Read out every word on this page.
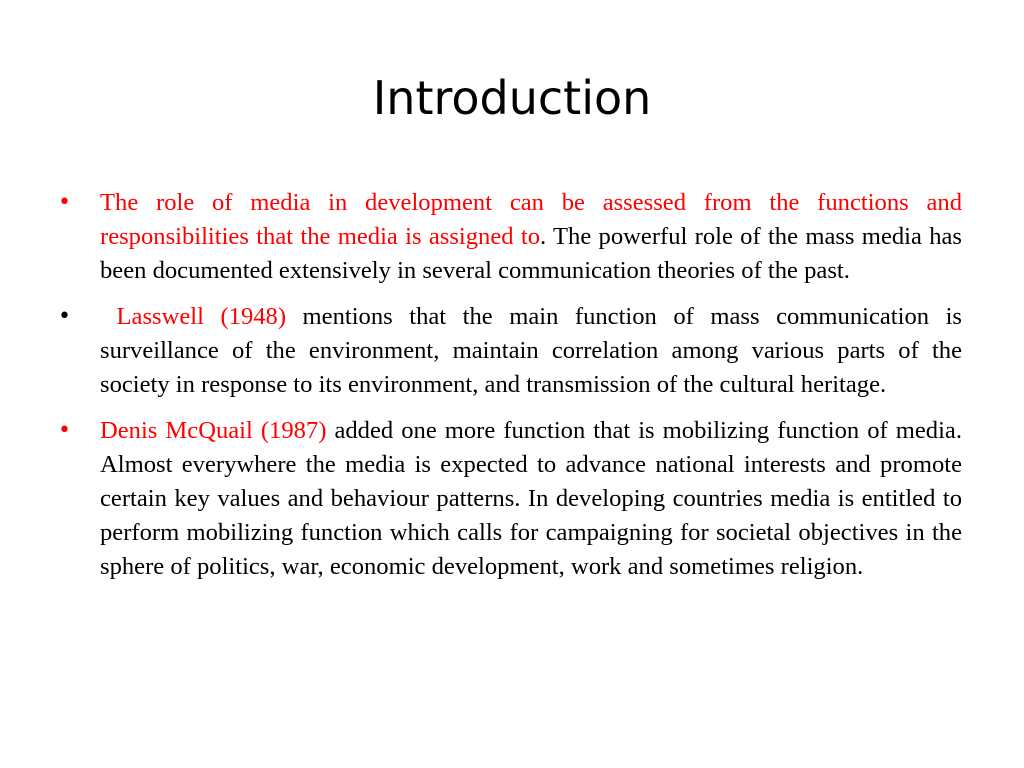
Introduction
• The role of media in development can be assessed from the functions and responsibilities that the media is assigned to. The powerful role of the mass media has been documented extensively in several communication theories of the past.
• Lasswell (1948) mentions that the main function of mass communication is surveillance of the environment, maintain correlation among various parts of the society in response to its environment, and transmission of the cultural heritage.
• Denis McQuail (1987) added one more function that is mobilizing function of media. Almost everywhere the media is expected to advance national interests and promote certain key values and behaviour patterns. In developing countries media is entitled to perform mobilizing function which calls for campaigning for societal objectives in the sphere of politics, war, economic development, work and sometimes religion.
